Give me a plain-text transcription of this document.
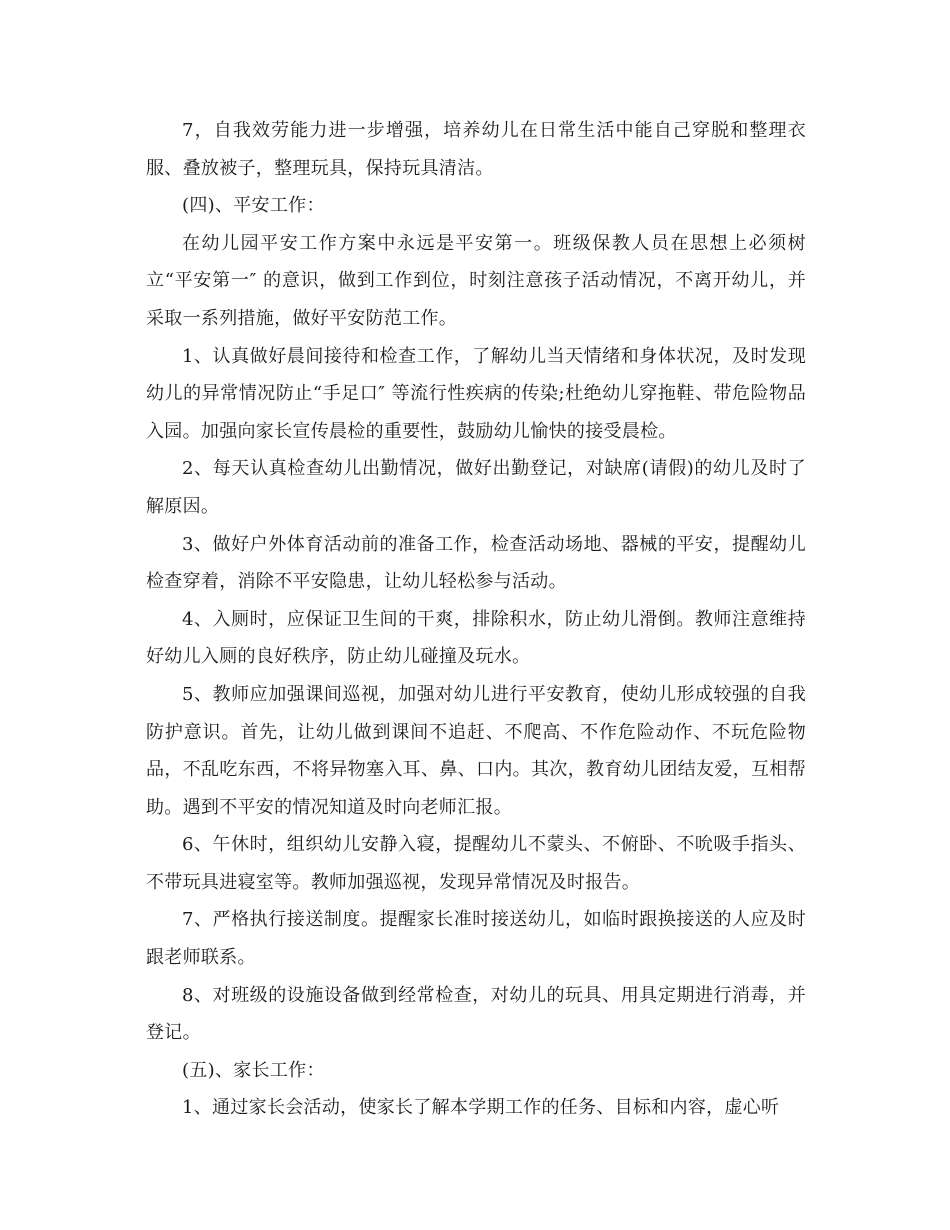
7，自我效劳能力进一步增强，培养幼儿在日常生活中能自己穿脱和整理衣服、叠放被子，整理玩具，保持玩具清洁。

(四)、平安工作：

在幼儿园平安工作方案中永远是平安第一。班级保教人员在思想上必须树立“平安第一″ 的意识，做到工作到位，时刻注意孩子活动情况，不离开幼儿，并采取一系列措施，做好平安防范工作。

1、认真做好晨间接待和检查工作，了解幼儿当天情绪和身体状况，及时发现幼儿的异常情况防止“手足口″ 等流行性疾病的传染;杜绝幼儿穿拖鞋、带危险物品入园。加强向家长宣传晨检的重要性，鼓励幼儿愉快的接受晨检。

2、每天认真检查幼儿出勤情况，做好出勤登记，对缺席(请假)的幼儿及时了解原因。

3、做好户外体育活动前的准备工作，检查活动场地、器械的平安，提醒幼儿检查穿着，消除不平安隐患，让幼儿轻松参与活动。

4、入厕时，应保证卫生间的干爽，排除积水，防止幼儿滑倒。教师注意维持好幼儿入厕的良好秩序，防止幼儿碰撞及玩水。

5、教师应加强课间巡视，加强对幼儿进行平安教育，使幼儿形成较强的自我防护意识。首先，让幼儿做到课间不追赶、不爬高、不作危险动作、不玩危险物品，不乱吃东西，不将异物塞入耳、鼻、口内。其次，教育幼儿团结友爱，互相帮助。遇到不平安的情况知道及时向老师汇报。

6、午休时，组织幼儿安静入寝，提醒幼儿不蒙头、不俯卧、不吮吸手指头、不带玩具进寝室等。教师加强巡视，发现异常情况及时报告。

7、严格执行接送制度。提醒家长准时接送幼儿，如临时跟换接送的人应及时跟老师联系。

8、对班级的设施设备做到经常检查，对幼儿的玩具、用具定期进行消毒，并登记。

(五)、家长工作：

1、通过家长会活动，使家长了解本学期工作的任务、目标和内容，虚心听
